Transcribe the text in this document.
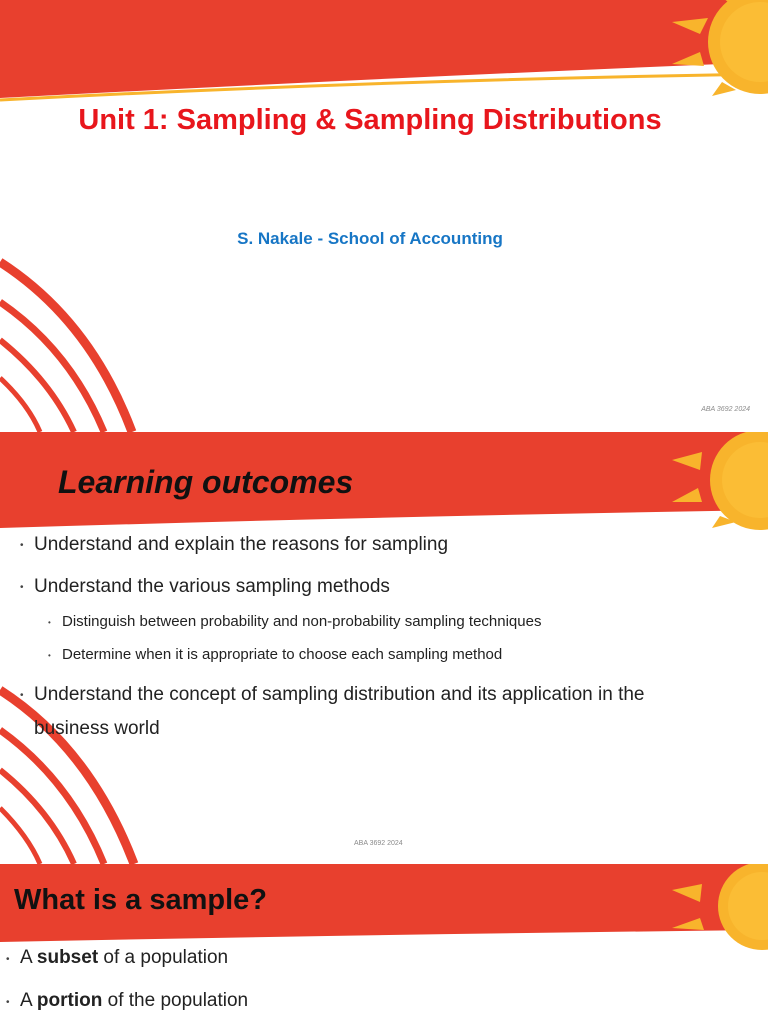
Unit 1: Sampling & Sampling Distributions
S. Nakale - School of Accounting
ABA 3692 2024
Learning outcomes
• Understand and explain the reasons for sampling
• Understand the various sampling methods
• Distinguish between probability and non-probability sampling techniques
• Determine when it is appropriate to choose each sampling method
• Understand the concept of sampling distribution and its application in the
business world
ABA 3692 2024
What is a sample?
• A subset of a population
• A portion of the population
